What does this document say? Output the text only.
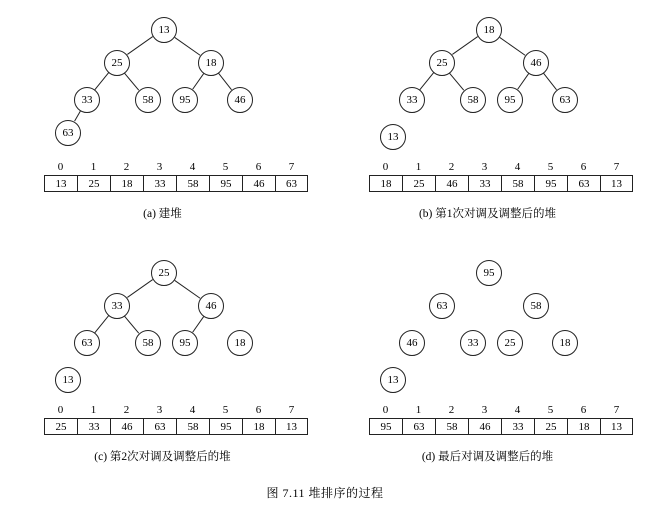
图 7.11 堆排序的过程
13
25	18
33	58	95	46
63
0	1	2	3	4	5	6	7
13	25	18	33	58	95	46	63
(a) 建堆
18
25	46
33	58	95	63
13
0	1	2	3	4	5	6	7
18	25	46	33	58	95	63	13
(b) 第1次对调及调整后的堆
25
33	46
63	58	95	18
13
0	1	2	3	4	5	6	7
25	33	46	63	58	95	18	13
(c) 第2次对调及调整后的堆
95
63	58
46	33	25	18
13
0	1	2	3	4	5	6	7
95	63	58	46	33	25	18	13
(d) 最后对调及调整后的堆
